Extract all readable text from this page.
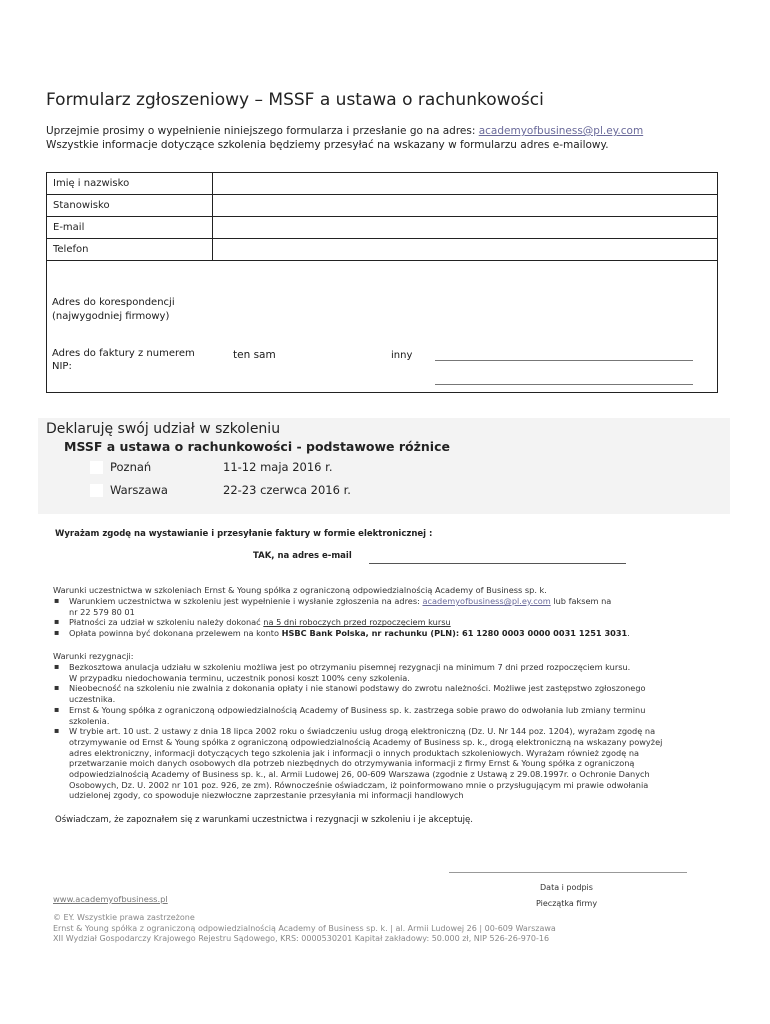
Formularz zgłoszeniowy – MSSF a ustawa o rachunkowości
Uprzejmie prosimy o wypełnienie niniejszego formularza i przesłanie go na adres: academyofbusiness@pl.ey.com
Wszystkie informacje dotyczące szkolenia będziemy przesyłać na wskazany w formularzu adres e-mailowy.
Imię i nazwisko	
Stanowisko	
E-mail	
Telefon	

Adres do korespondencji
(najwygodniej firmowy)
Adres do faktury z numerem
NIP:
ten sam	inny
Deklaruję swój udział w szkoleniu
MSSF a ustawa o rachunkowości - podstawowe różnice
Poznań	11-12 maja 2016 r.
Warszawa	22-23 czerwca 2016 r.
Wyrażam zgodę na wystawianie i przesyłanie faktury w formie elektronicznej :
TAK, na adres e-mail
Warunki uczestnictwa w szkoleniach Ernst & Young spółka z ograniczoną odpowiedzialnością Academy of Business sp. k.
▪ Warunkiem uczestnictwa w szkoleniu jest wypełnienie i wysłanie zgłoszenia na adres: academyofbusiness@pl.ey.com lub faksem na
nr 22 579 80 01
▪ Płatności za udział w szkoleniu należy dokonać na 5 dni roboczych przed rozpoczęciem kursu
▪ Opłata powinna być dokonana przelewem na konto HSBC Bank Polska, nr rachunku (PLN): 61 1280 0003 0000 0031 1251 3031.
Warunki rezygnacji:
▪ Bezkosztowa anulacja udziału w szkoleniu możliwa jest po otrzymaniu pisemnej rezygnacji na minimum 7 dni przed rozpoczęciem kursu.
W przypadku niedochowania terminu, uczestnik ponosi koszt 100% ceny szkolenia.
▪ Nieobecność na szkoleniu nie zwalnia z dokonania opłaty i nie stanowi podstawy do zwrotu należności. Możliwe jest zastępstwo zgłoszonego
uczestnika.
▪ Ernst & Young spółka z ograniczoną odpowiedzialnością Academy of Business sp. k. zastrzega sobie prawo do odwołania lub zmiany terminu
szkolenia.
▪ W trybie art. 10 ust. 2 ustawy z dnia 18 lipca 2002 roku o świadczeniu usług drogą elektroniczną (Dz. U. Nr 144 poz. 1204), wyrażam zgodę na
otrzymywanie od Ernst & Young spółka z ograniczoną odpowiedzialnością Academy of Business sp. k., drogą elektroniczną na wskazany powyżej
adres elektroniczny, informacji dotyczących tego szkolenia jak i informacji o innych produktach szkoleniowych. Wyrażam również zgodę na
przetwarzanie moich danych osobowych dla potrzeb niezbędnych do otrzymywania informacji z firmy Ernst & Young spółka z ograniczoną
odpowiedzialnością Academy of Business sp. k., al. Armii Ludowej 26, 00-609 Warszawa (zgodnie z Ustawą z 29.08.1997r. o Ochronie Danych
Osobowych, Dz. U. 2002 nr 101 poz. 926, ze zm). Równocześnie oświadczam, iż poinformowano mnie o przysługującym mi prawie odwołania
udzielonej zgody, co spowoduje niezwłoczne zaprzestanie przesyłania mi informacji handlowych
Oświadczam, że zapoznałem się z warunkami uczestnictwa i rezygnacji w szkoleniu i je akceptuję.
Data i podpis
Pieczątka firmy
www.academyofbusiness.pl
© EY. Wszystkie prawa zastrzeżone
Ernst & Young spółka z ograniczoną odpowiedzialnością Academy of Business sp. k. | al. Armii Ludowej 26 | 00-609 Warszawa
XII Wydział Gospodarczy Krajowego Rejestru Sądowego, KRS: 0000530201 Kapitał zakładowy: 50.000 zł, NIP 526-26-970-16
